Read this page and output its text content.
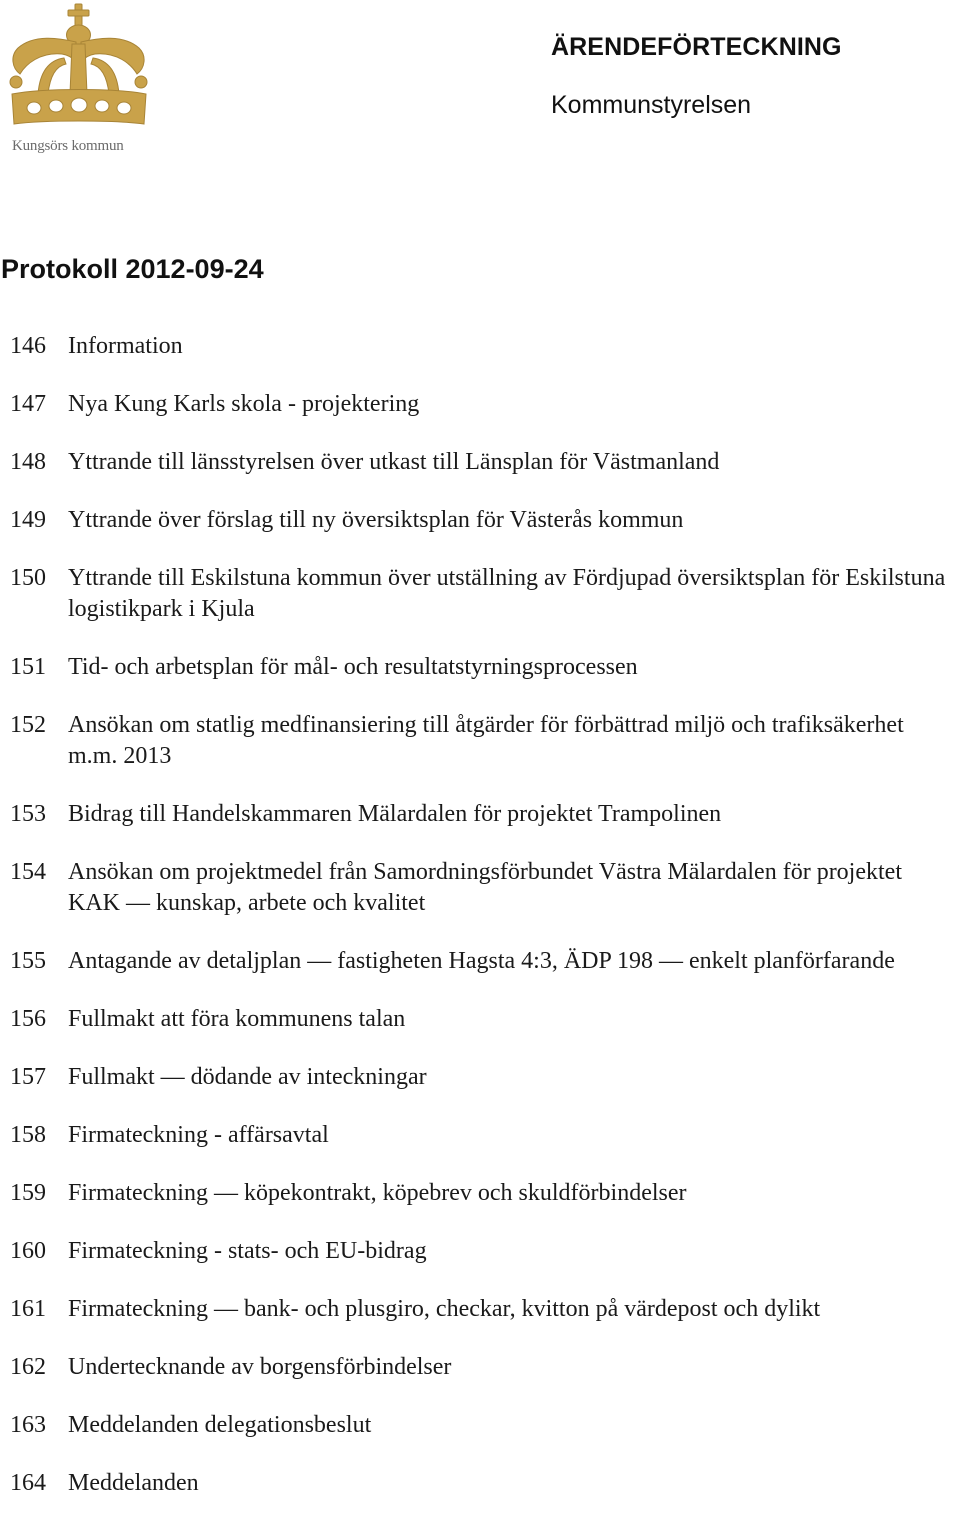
Kungsörs kommun
ÄRENDEFÖRTECKNING
Kommunstyrelsen
Protokoll 2012-09-24
146 Information
147 Nya Kung Karls skola - projektering
148 Yttrande till länsstyrelsen över utkast till Länsplan för Västmanland
149 Yttrande över förslag till ny översiktsplan för Västerås kommun
150 Yttrande till Eskilstuna kommun över utställning av Fördjupad översiktsplan för Eskilstuna logistikpark i Kjula
151 Tid- och arbetsplan för mål- och resultatstyrningsprocessen
152 Ansökan om statlig medfinansiering till åtgärder för förbättrad miljö och trafiksäkerhet m.m. 2013
153 Bidrag till Handelskammaren Mälardalen för projektet Trampolinen
154 Ansökan om projektmedel från Samordningsförbundet Västra Mälardalen för projektet KAK — kunskap, arbete och kvalitet
155 Antagande av detaljplan — fastigheten Hagsta 4:3, ÄDP 198 — enkelt planförfarande
156 Fullmakt att föra kommunens talan
157 Fullmakt — dödande av inteckningar
158 Firmateckning - affärsavtal
159 Firmateckning — köpekontrakt, köpebrev och skuldförbindelser
160 Firmateckning - stats- och EU-bidrag
161 Firmateckning — bank- och plusgiro, checkar, kvitton på värdepost och dylikt
162 Undertecknande av borgensförbindelser
163 Meddelanden delegationsbeslut
164 Meddelanden
